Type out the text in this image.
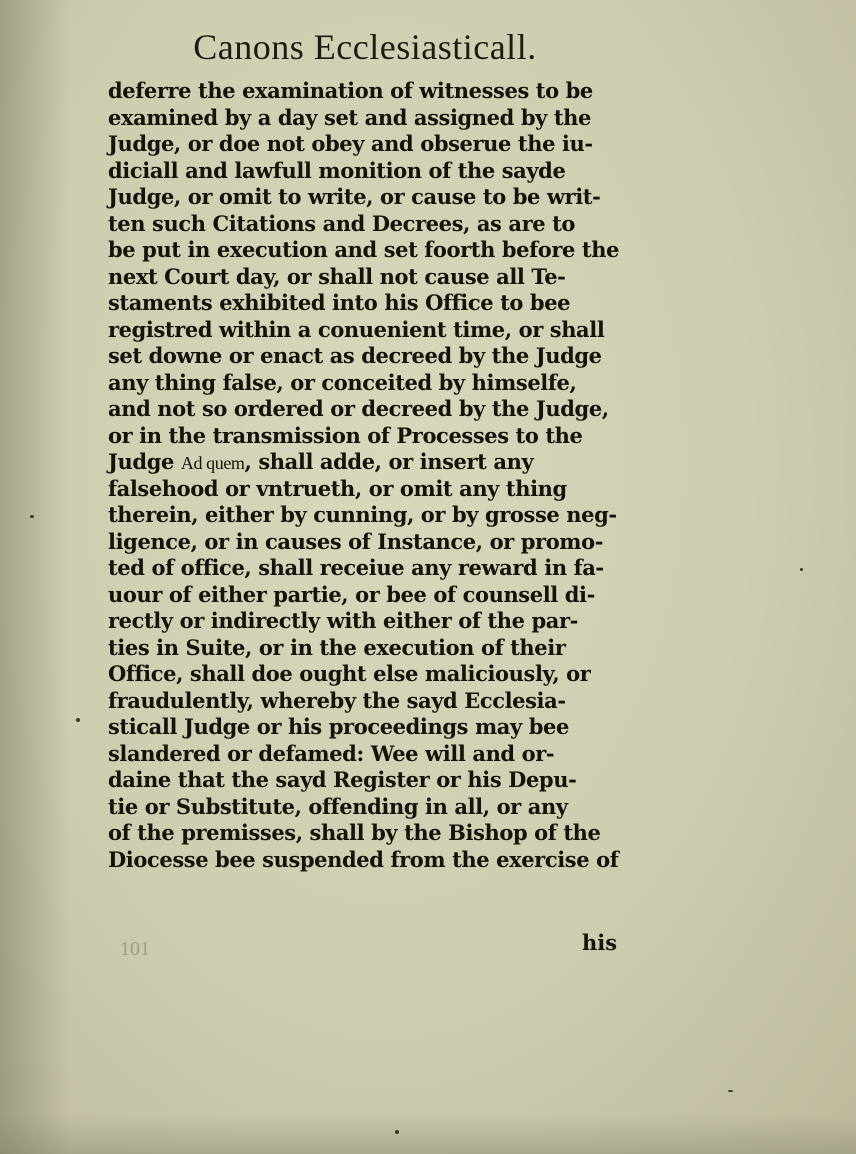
Canons Ecclesiasticall.
deferre the examination of witnesses to be
examined by a day set and assigned by the
Judge, or doe not obey and obserue the iu-
diciall and lawfull monition of the sayde
Judge, or omit to write, or cause to be writ-
ten such Citations and Decrees, as are to
be put in execution and set foorth before the
next Court day, or shall not cause all Te-
staments exhibited into his Office to bee
registred within a conuenient time, or shall
set downe or enact as decreed by the Judge
any thing false, or conceited by himselfe,
and not so ordered or decreed by the Judge,
or in the transmission of Processes to the
Judge Ad quem, shall adde, or insert any
falsehood or vntrueth, or omit any thing
therein, either by cunning, or by grosse neg-
ligence, or in causes of Instance, or promo-
ted of office, shall receiue any reward in fa-
uour of either partie, or bee of counsell di-
rectly or indirectly with either of the par-
ties in Suite, or in the execution of their
Office, shall doe ought else maliciously, or
fraudulently, whereby the sayd Ecclesia-
sticall Judge or his proceedings may bee
slandered or defamed: Wee will and or-
daine that the sayd Register or his Depu-
tie or Substitute, offending in all, or any
of the premisses, shall by the Bishop of the
Diocesse bee suspended from the exercise of
101	his
